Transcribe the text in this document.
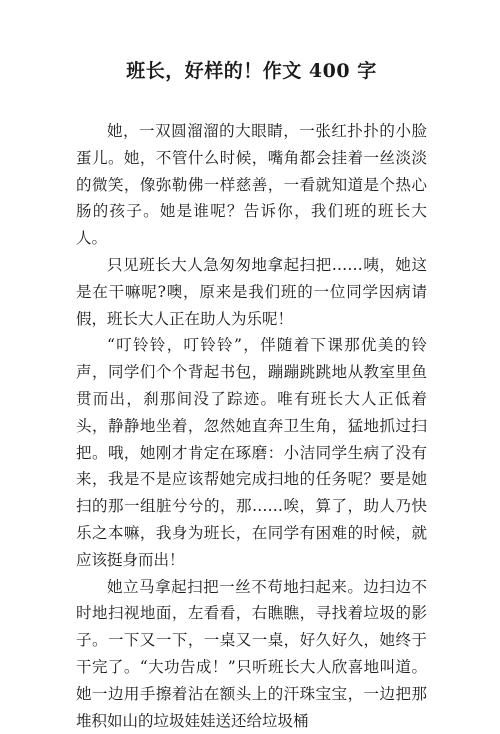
班长，好样的！作文 400 字

她，一双圆溜溜的大眼睛，一张红扑扑的小脸蛋儿。她，不管什么时候，嘴角都会挂着一丝淡淡的微笑，像弥勒佛一样慈善，一看就知道是个热心肠的孩子。她是谁呢？告诉你，我们班的班长大人。

只见班长大人急匆匆地拿起扫把……咦，她这是在干嘛呢?噢，原来是我们班的一位同学因病请假，班长大人正在助人为乐呢！

“叮铃铃，叮铃铃”，伴随着下课那优美的铃声，同学们个个背起书包，蹦蹦跳跳地从教室里鱼贯而出，刹那间没了踪迹。唯有班长大人正低着头，静静地坐着，忽然她直奔卫生角，猛地抓过扫把。哦，她刚才肯定在琢磨：小洁同学生病了没有来，我是不是应该帮她完成扫地的任务呢？要是她扫的那一组脏兮兮的，那……唉，算了，助人乃快乐之本嘛，我身为班长，在同学有困难的时候，就应该挺身而出！

她立马拿起扫把一丝不苟地扫起来。边扫边不时地扫视地面，左看看，右瞧瞧，寻找着垃圾的影子。一下又一下，一桌又一桌，好久好久，她终于干完了。“大功告成！”只听班长大人欣喜地叫道。她一边用手擦着沾在额头上的汗珠宝宝，一边把那堆积如山的垃圾娃娃送还给垃圾桶
